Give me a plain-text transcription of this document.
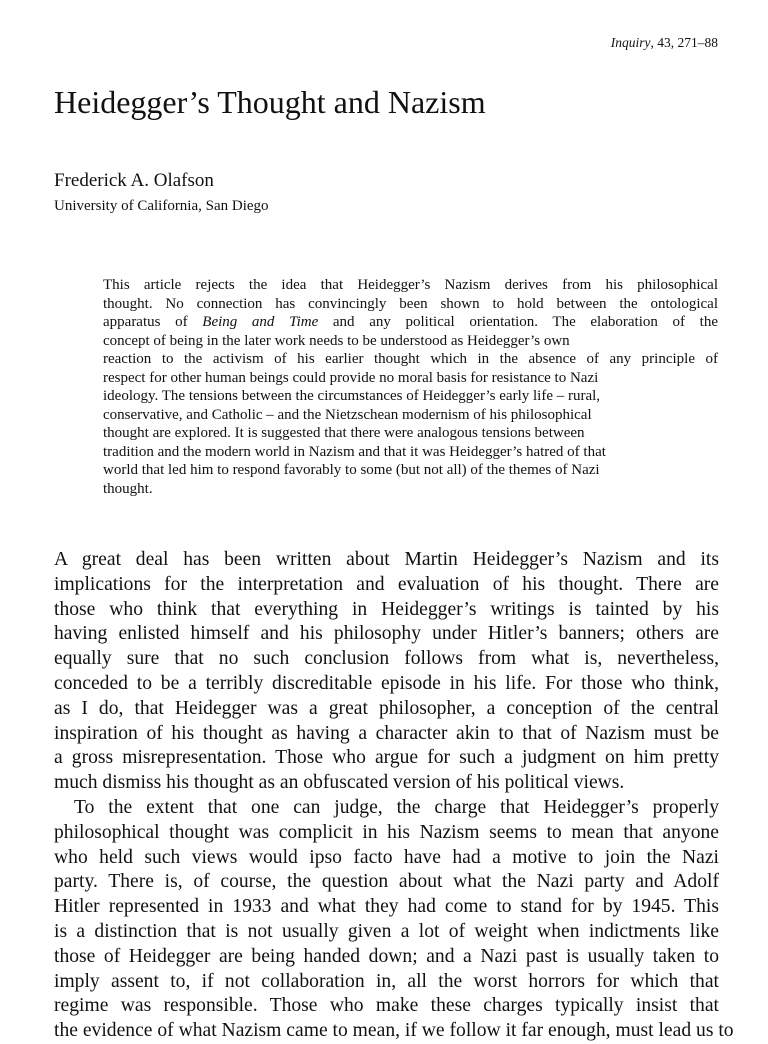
Inquiry, 43, 271–88
Heidegger’s Thought and Nazism
Frederick A. Olafson
University of California, San Diego
This article rejects the idea that Heidegger’s Nazism derives from his philosophical
thought. No connection has convincingly been shown to hold between the ontological
apparatus of Being and Time and any political orientation. The elaboration of the
concept of being in the later work needs to be understood as Heidegger’s own
reaction to the activism of his earlier thought which in the absence of any principle of
respect for other human beings could provide no moral basis for resistance to Nazi
ideology. The tensions between the circumstances of Heidegger’s early life – rural,
conservative, and Catholic – and the Nietzschean modernism of his philosophical
thought are explored. It is suggested that there were analogous tensions between
tradition and the modern world in Nazism and that it was Heidegger’s hatred of that
world that led him to respond favorably to some (but not all) of the themes of Nazi
thought.
A great deal has been written about Martin Heidegger’s Nazism and its
implications for the interpretation and evaluation of his thought. There are
those who think that everything in Heidegger’s writings is tainted by his
having enlisted himself and his philosophy under Hitler’s banners; others are
equally sure that no such conclusion follows from what is, nevertheless,
conceded to be a terribly discreditable episode in his life. For those who think,
as I do, that Heidegger was a great philosopher, a conception of the central
inspiration of his thought as having a character akin to that of Nazism must be
a gross misrepresentation. Those who argue for such a judgment on him pretty
much dismiss his thought as an obfuscated version of his political views.
To the extent that one can judge, the charge that Heidegger’s properly
philosophical thought was complicit in his Nazism seems to mean that anyone
who held such views would ipso facto have had a motive to join the Nazi
party. There is, of course, the question about what the Nazi party and Adolf
Hitler represented in 1933 and what they had come to stand for by 1945. This
is a distinction that is not usually given a lot of weight when indictments like
those of Heidegger are being handed down; and a Nazi past is usually taken to
imply assent to, if not collaboration in, all the worst horrors for which that
regime was responsible. Those who make these charges typically insist that
the evidence of what Nazism came to mean, if we follow it far enough, must lead us to
